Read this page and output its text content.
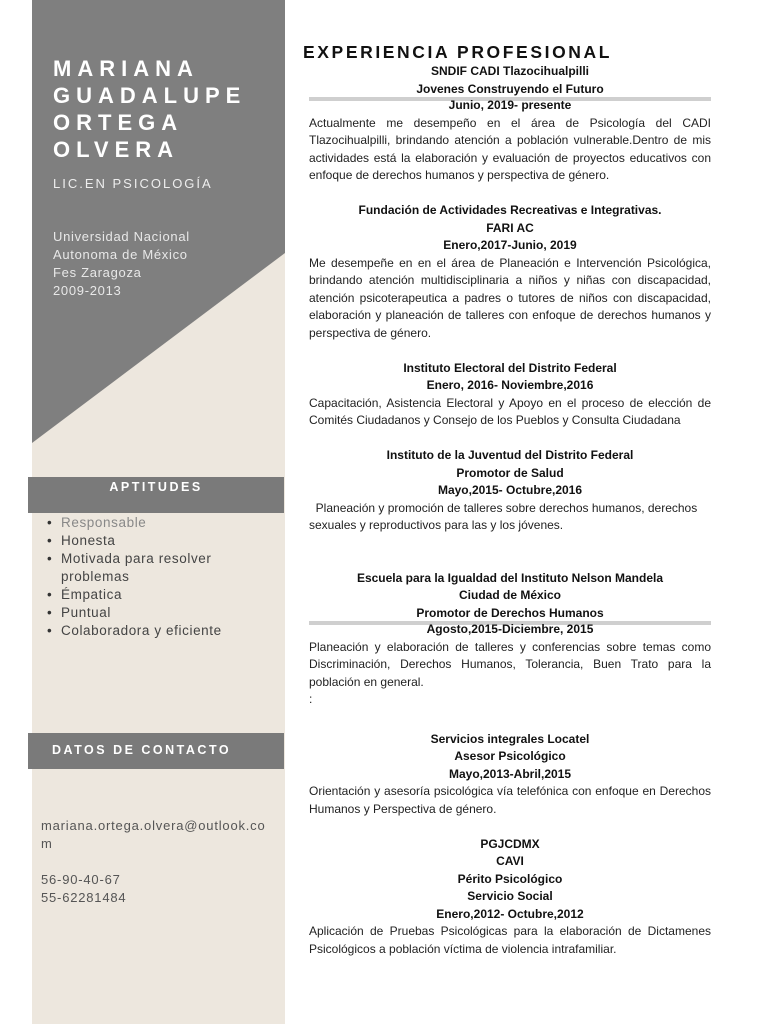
MARIANA
GUADALUPE
ORTEGA
OLVERA
LIC.EN PSICOLOGÍA
Universidad Nacional
Autonoma de México
Fes Zaragoza
2009-2013
APTITUDES
• Responsable
• Honesta
• Motivada para resolver problemas
• Émpatica
• Puntual
• Colaboradora y eficiente
DATOS DE CONTACTO
mariana.ortega.olvera@outlook.com
56-90-40-67
55-62281484
EXPERIENCIA PROFESIONAL
SNDIF CADI Tlazocihualpilli
Jovenes Construyendo el Futuro
Junio, 2019- presente

Actualmente me desempeño en el área de Psicología del CADI Tlazocihualpilli, brindando atención a población vulnerable.Dentro de mis actividades está la elaboración y evaluación de proyectos educativos con enfoque de derechos humanos y perspectiva de género.

Fundación de Actividades Recreativas e Integrativas.
FARI AC
Enero,2017-Junio, 2019

Me desempeñe en en el área de Planeación e Intervención Psicológica, brindando atención multidisciplinaria a niños y niñas con discapacidad, atención psicoterapeutica a padres o tutores de niños con discapacidad, elaboración y planeación de talleres con enfoque de derechos humanos y perspectiva de género.

Instituto Electoral del Distrito Federal
Enero, 2016- Noviembre,2016

Capacitación, Asistencia Electoral y Apoyo en el proceso de elección de Comités Ciudadanos y Consejo de los Pueblos y Consulta Ciudadana

Instituto de la Juventud del Distrito Federal
Promotor de Salud
Mayo,2015- Octubre,2016

Planeación y promoción de talleres sobre derechos humanos, derechos

sexuales y reproductivos para las y los jóvenes.

Escuela para la Igualdad del Instituto Nelson Mandela
Ciudad de México
Promotor de Derechos Humanos
Agosto,2015-Diciembre, 2015

Planeación y elaboración de talleres y conferencias sobre temas como Discriminación, Derechos Humanos, Tolerancia, Buen Trato para la población en general.

:

Servicios integrales Locatel
Asesor Psicológico
Mayo,2013-Abril,2015

Orientación y asesoría psicológica vía telefónica con enfoque en Derechos Humanos y Perspectiva de género.

PGJCDMX
CAVI
Périto Psicológico
Servicio Social
Enero,2012- Octubre,2012

Aplicación de Pruebas Psicológicas para la elaboración de Dictamenes Psicológicos a población víctima de violencia intrafamiliar.
